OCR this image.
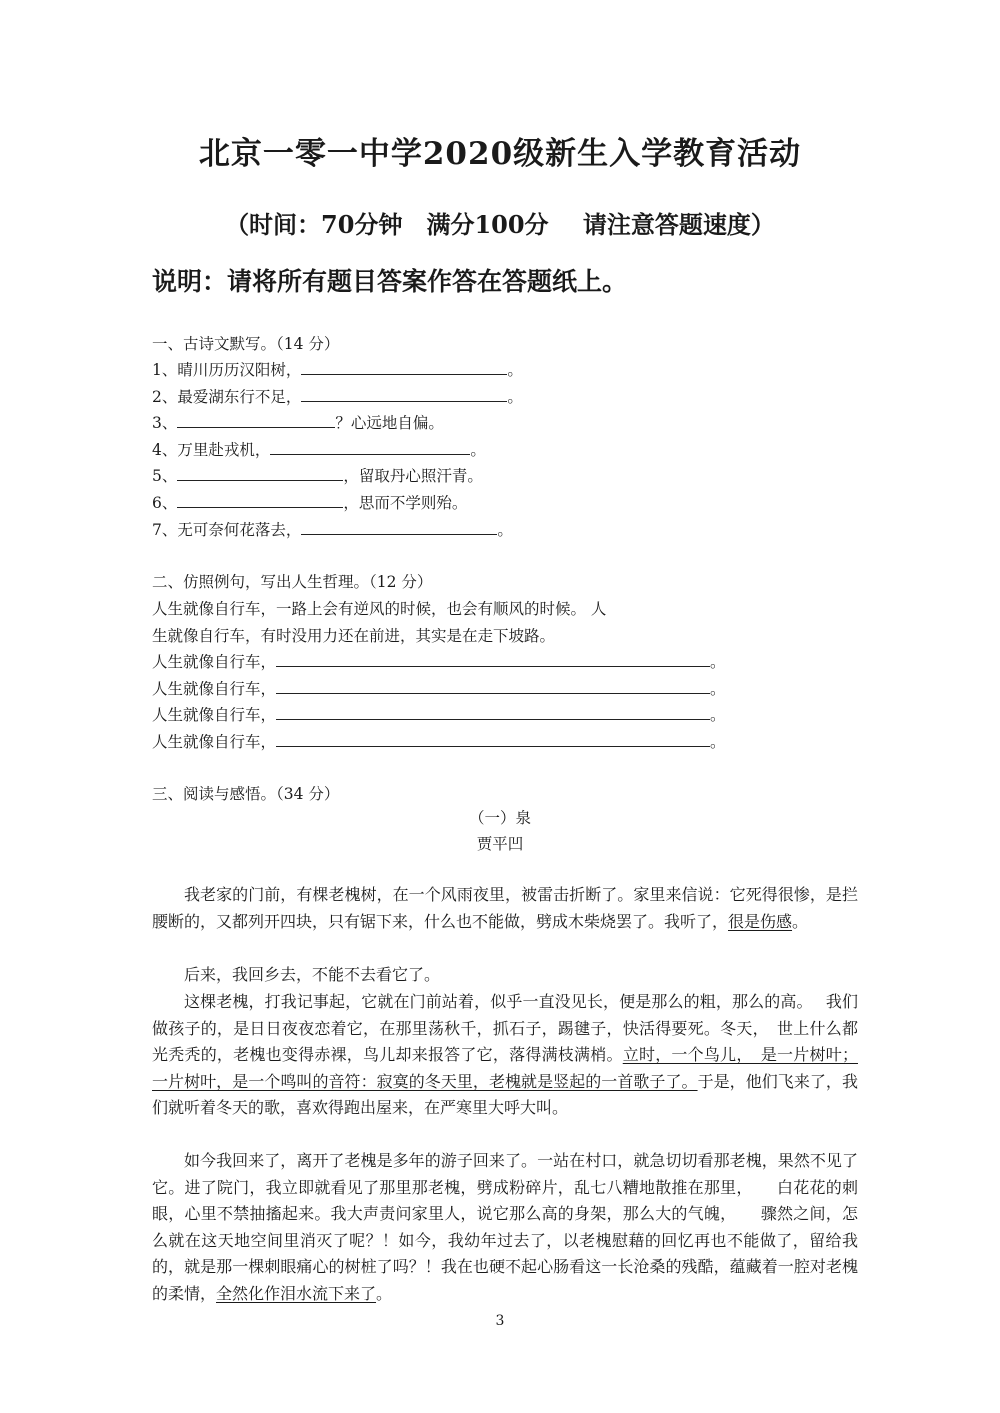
北京一零一中学2020级新生入学教育活动
（时间：70分钟　满分100分　 请注意答题速度）
说明：请将所有题目答案作答在答题纸上。
一、古诗文默写。（14 分）
1、晴川历历汉阳树，	。
2、最爱湖东行不足，	。
3、	？心远地自偏。
4、万里赴戎机，	。
5、	，留取丹心照汗青。
6、	，思而不学则殆。
7、无可奈何花落去，	。
二、仿照例句，写出人生哲理。（12 分）
人生就像自行车，一路上会有逆风的时候，也会有顺风的时候。 人
生就像自行车，有时没用力还在前进，其实是在走下坡路。
人生就像自行车，	。
人生就像自行车，	。
人生就像自行车，	。
人生就像自行车，	。
三、阅读与感悟。（34 分）
（一）泉
贾平凹
我老家的门前，有棵老槐树，在一个风雨夜里，被雷击折断了。家里来信说：它死得很惨，是拦腰断的，又都列开四块，只有锯下来，什么也不能做，劈成木柴烧罢了。我听了，很是伤感。
后来，我回乡去，不能不去看它了。
这棵老槐，打我记事起，它就在门前站着，似乎一直没见长，便是那么的粗，那么的高。　 我们做孩子的，是日日夜夜恋着它，在那里荡秋千，抓石子，踢毽子，快活得要死。冬天，　世上什么都光秃秃的，老槐也变得赤裸，鸟儿却来报答了它，落得满枝满梢。立时，一个鸟儿，　是一片树叶；一片树叶，是一个鸣叫的音符：寂寞的冬天里，老槐就是竖起的一首歌子了。于是，他们飞来了，我们就听着冬天的歌，喜欢得跑出屋来，在严寒里大呼大叫。
如今我回来了，离开了老槐是多年的游子回来了。一站在村口，就急切切看那老槐，果然不见了它。进了院门，我立即就看见了那里那老槐，劈成粉碎片，乱七八糟地散推在那里，　　白花花的刺眼，心里不禁抽搐起来。我大声责问家里人，说它那么高的身架，那么大的气魄，　　骤然之间，怎么就在这天地空间里消灭了呢？！如今，我幼年过去了，以老槐慰藉的回忆再也不能做了，留给我的，就是那一棵刺眼痛心的树桩了吗？！我在也硬不起心肠看这一长沧桑的残酷，蕴藏着一腔对老槐的柔情，全然化作泪水流下来了。
3
